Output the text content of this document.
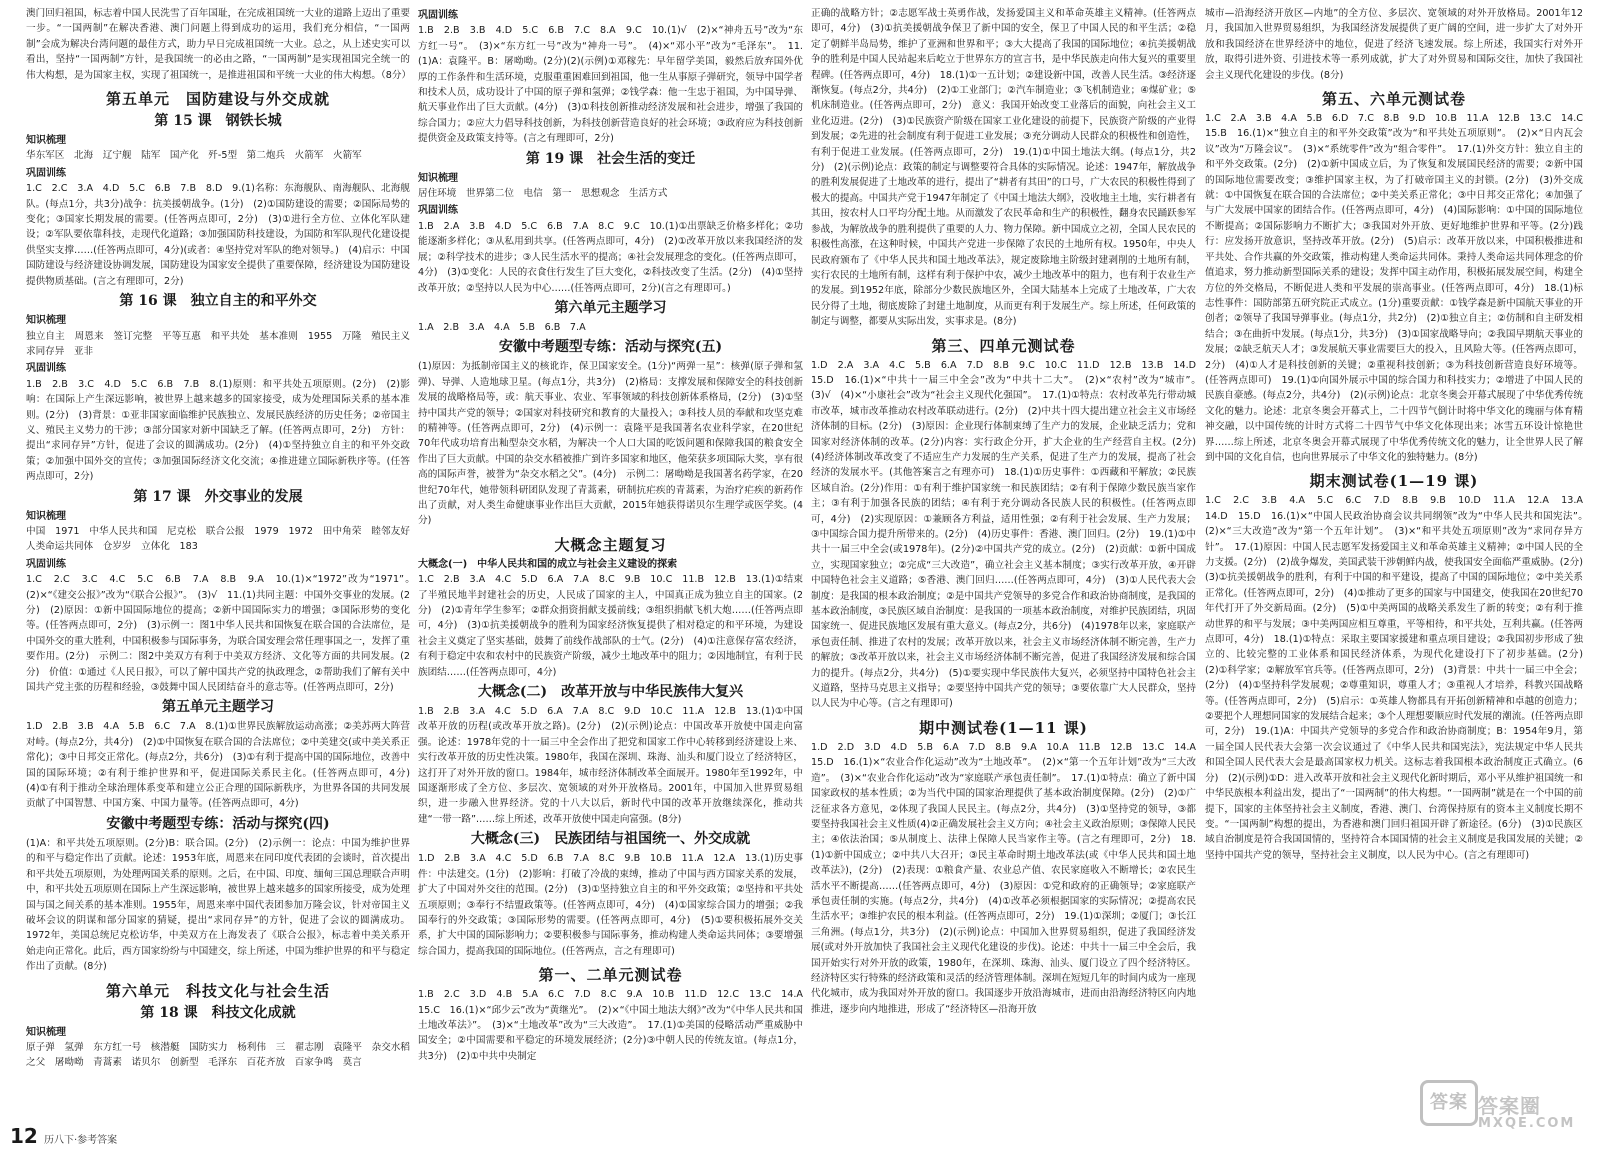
澳门回归祖国，标志着中国人民洗雪了百年国耻，在完成祖国统一大业的道路上迈出了重要一步。“一国两制”在解决香港、澳门问题上得到成功的运用，我们充分相信，“一国两制”会成为解决台湾问题的最佳方式，助力早日完成祖国统一大业。总之，从上述史实可以看出，坚持“一国两制”方针，是我国统一的必由之路，“一国两制”是实现祖国完全统一的伟大构想，是为国家主权，实现了祖国统一，是推进祖国和平统一大业的伟大构想。（8分）

第五单元　国防建设与外交成就
第 15 课　钢铁长城
知识梳理

华东军区　北海　辽宁舰　陆军　国产化　歼-5型　第二炮兵　火箭军　火箭军

巩固训练

1.C　2.C　3.A　4.D　5.C　6.B　7.B　8.D　9.(1)名称：东海舰队、南海舰队、北海舰队。(每点1分，共3分)战争：抗美援朝战争。(1分)　(2)①国防建设的需要；②国际局势的变化；③国家长期发展的需要。(任答两点即可，2分)　(3)①进行全方位、立体化军队建设；②军队要依靠科技，走现代化道路；③加强国防科技建设，为国防和军队现代化建设提供坚实支撑……(任答两点即可，4分)(或者：④坚持党对军队的绝对领导。)　(4)启示：中国国防建设与经济建设协调发展，国防建设为国家安全提供了重要保障，经济建设为国防建设提供物质基础。(言之有理即可，2分)

第 16 课　独立自主的和平外交
知识梳理

独立自主　周恩来　签订完整　平等互惠　和平共处　基本准则　1955　万隆　殖民主义　求同存异　亚非

巩固训练

1.B　2.B　3.C　4.D　5.C　6.B　7.B　8.(1)原则：和平共处五项原则。(2分)　(2)影响：在国际上产生深远影响，被世界上越来越多的国家接受，成为处理国际关系的基本准则。(2分)　(3)背景：①亚非国家面临维护民族独立、发展民族经济的历史任务；②帝国主义、殖民主义势力的干涉；③部分国家对新中国缺乏了解。(任答两点即可，2分)　方针：提出“求同存异”方针，促进了会议的圆满成功。(2分)　(4)①坚持独立自主的和平外交政策；②加强中国外交的宣传；③加强国际经济文化交流；④推进建立国际新秩序等。(任答两点即可，2分)

第 17 课　外交事业的发展
知识梳理

中国　1971　中华人民共和国　尼克松　联合公报　1979　1972　田中角荣　睦邻友好　人类命运共同体　仓岁岁　立体化　183

巩固训练

1.C　2.C　3.C　4.C　5.C　6.B　7.A　8.B　9.A　10.(1)×“1972”改为“1971”。　(2)×“《建交公报》”改为“《联合公报》”。　(3)√　11.(1)共同主题：中国外交事业的发展。(2分)　(2)原因：①新中国国际地位的提高；②新中国国际实力的增强；③国际形势的变化等。(任答两点即可，2分)　(3)示例一：图1中华人民共和国恢复在联合国的合法席位，是中国外交的重大胜利，中国积极参与国际事务，为联合国安理会常任理事国之一，发挥了重要作用。(2分)　示例二：图2中美双方有利于中美双方经济、文化等方面的共同发展。(2分)　价值：①通过《人民日报》，可以了解中国共产党的执政理念，②帮助我们了解有关中国共产党主张的历程和经验，③鼓舞中国人民团结奋斗的意志等。(任答两点即可，2分)

第五单元主题学习

1.D　2.B　3.B　4.A　5.B　6.C　7.A　8.(1)①世界民族解放运动高涨；②美苏两大阵营对峙。(每点2分，共4分)　(2)①中国恢复在联合国的合法席位；②中美建交(或中美关系正常化)；③中日邦交正常化。(每点2分，共6分)　(3)①有利于提高中国的国际地位，改善中国的国际环境；②有利于维护世界和平，促进国际关系民主化。(任答两点即可，4分)　(4)①有利于推动全球治理体系变革和建立公正合理的国际新秩序，为世界各国的共同发展贡献了中国智慧、中国方案、中国力量等。(任答两点即可，4分)

安徽中考题型专练：活动与探究(四)

(1)A：和平共处五项原则。(2分)B：联合国。(2分)　(2)示例一：论点：中国为维护世界的和平与稳定作出了贡献。论述：1953年底，周恩来在同印度代表团的会谈时，首次提出和平共处五项原则，为处理两国关系的原则。之后，在中国、印度、缅甸三国总理联合声明中，和平共处五项原则在国际上产生深远影响，被世界上越来越多的国家所接受，成为处理国与国之间关系的基本准则。1955年，周恩来率中国代表团参加万隆会议，针对帝国主义破坏会议的阴谋和部分国家的猜疑，提出“求同存异”的方针，促进了会议的圆满成功。1972年，美国总统尼克松访华，中美双方在上海发表了《联合公报》，标志着中美关系开始走向正常化。此后，西方国家纷纷与中国建交，综上所述，中国为维护世界的和平与稳定作出了贡献。(8分)

第六单元　科技文化与社会生活
第 18 课　科技文化成就
知识梳理

原子弹　氢弹　东方红一号　核潜艇　国防实力　杨利伟　三　翟志刚　袁隆平　杂交水稻之父　屠呦呦　青蒿素　诺贝尔　创新型　毛泽东　百花齐放　百家争鸣　莫言

巩固训练

1.B　2.B　3.B　4.D　5.C　6.B　7.C　8.A　9.C　10.(1)√　(2)×“神舟五号”改为“东方红一号”。　(3)×“东方红一号”改为“神舟一号”。　(4)×“邓小平”改为“毛泽东”。　11.(1)A：袁隆平。B：屠呦呦。(2分)(2)(示例)①邓稼先：早年留学美国，毅然后放弃国外优厚的工作条件和生活环境，克服重重困难回到祖国，他一生从事原子弹研究，领导中国学者和技术人员，成功设计了中国的原子弹和氢弹；②钱学森：他一生忠于祖国，为中国导弹、航天事业作出了巨大贡献。(4分)　(3)①科技创新推动经济发展和社会进步，增强了我国的综合国力；②应大力倡导科技创新，为科技创新营造良好的社会环境；③政府应为科技创新提供资金及政策支持等。(言之有理即可，2分)

第 19 课　社会生活的变迁
知识梳理

居住环境　世界第二位　电信　第一　思想观念　生活方式

巩固训练

1.B　2.A　3.B　4.D　5.C　6.B　7.A　8.C　9.C　10.(1)①出票缺乏价格多样化；②功能逐渐多样化；③从私用到共享。(任答两点即可，4分)　(2)①改革开放以来我国经济的发展；②科学技术的进步；③人民生活水平的提高；④社会发展理念的变化。(任答两点即可，4分)　(3)①变化：人民的衣食住行发生了巨大变化，②科技改变了生活。(2分)　(4)①坚持改革开放；②坚持以人民为中心……(任答两点即可，2分)(言之有理即可。)

第六单元主题学习

1.A　2.B　3.A　4.A　5.B　6.B　7.A

安徽中考题型专练：活动与探究(五)

(1)原因：为抵制帝国主义的核讹诈，保卫国家安全。(1分)“两弹一星”：核弹(原子弹和氢弹)、导弹、人造地球卫星。(每点1分，共3分)　(2)格局：支撑发展和保障安全的科技创新发展的战略格局等，或：航天事业、农业、军事领域的科技创新体系格局，(2分)　(3)①坚持中国共产党的领导；②国家对科技研究和教育的大量投入；③科技人员的奉献和攻坚克难的精神等。(任答两点即可，2分)　(4)示例一：袁隆平是我国著名农业科学家，在20世纪70年代成功培育出籼型杂交水稻，为解决一个人口大国的吃饭问题和保障我国的粮食安全作出了巨大贡献。中国的杂交水稻被推广到许多国家和地区，他荣获多项国际大奖，享有很高的国际声誉，被誉为“杂交水稻之父”。(4分)　示例二：屠呦呦是我国著名药学家，在20世纪70年代，她带领科研团队发现了青蒿素，研制抗疟疾的青蒿素，为治疗疟疾的新药作出了贡献，对人类生命健康事业作出巨大贡献，2015年她获得诺贝尔生理学或医学奖。(4分)

大概念主题复习
大概念(一)　中华人民共和国的成立与社会主义建设的探索

1.C　2.B　3.A　4.C　5.D　6.A　7.A　8.C　9.B　10.C　11.B　12.B　13.(1)①结束了半殖民地半封建社会的历史，人民成了国家的主人，中国真正成为独立自主的国家。(2分)　(2)①青年学生参军；②群众捐资捐献支援前线；③组织捐献飞机大炮……(任答两点即可，4分)　(3)①抗美援朝战争的胜利为国家经济恢复提供了相对稳定的和平环境，为建设社会主义奠定了坚实基础，鼓舞了前线作战部队的士气。(2分)　(4)①注意保存富农经济，有利于稳定中农和农村中的民族资产阶级，减少土地改革中的阻力；②因地制宜，有利于民族团结……(任答两点即可，4分)

大概念(二)　改革开放与中华民族伟大复兴

1.B　2.B　3.A　4.C　5.D　6.A　7.A　8.C　9.D　10.C　11.A　12.B　13.(1)①中国改革开放的历程(或改革开放之路)。(2分)　(2)(示例)论点：中国改革开放使中国走向富强。论述：1978年党的十一届三中全会作出了把党和国家工作中心转移到经济建设上来、实行改革开放的历史性决策。1980年，我国在深圳、珠海、汕头和厦门设立了经济特区，这打开了对外开放的窗口。1984年，城市经济体制改革全面展开。1980年至1992年，中国逐渐形成了全方位、多层次、宽领域的对外开放格局。2001年，中国加入世界贸易组织，进一步融入世界经济。党的十八大以后，新时代中国的改革开放继续深化，推动共建“一带一路”……综上所述，改革开放使中国走向富强。(8分)

大概念(三)　民族团结与祖国统一、外交成就

1.D　2.B　3.A　4.C　5.D　6.B　7.A　8.C　9.B　10.B　11.A　12.A　13.(1)历史事件：中法建交。(1分)　(2)影响：打破了冷战的束缚，推动了中国与西方国家关系的发展，扩大了中国对外交往的范围。(2分)　(3)①坚持独立自主的和平外交政策；②坚持和平共处五项原则；③奉行不结盟政策等。(任答两点即可，4分)　(4)①国家综合国力的增强；②我国奉行的外交政策；③国际形势的需要。(任答两点即可，4分)　(5)①要积极拓展外交关系，扩大中国的国际影响力；②要积极参与国际事务，推动构建人类命运共同体；③要增强综合国力，提高我国的国际地位。(任答两点，言之有理即可)

第一、二单元测试卷

1.B　2.C　3.D　4.B　5.A　6.C　7.D　8.C　9.A　10.B　11.D　12.C　13.C　14.A　15.C　16.(1)×“邱少云”改为“黄继光”。　(2)×“《中国土地法大纲》”改为“《中华人民共和国土地改革法》”。　(3)×“土地改革”改为“三大改造”。　17.(1)①美国的侵略活动严重威胁中国安全；②中国需要和平稳定的环境发展经济；(2分)③中朝人民的传统友谊。(每点1分，共3分)　(2)①中共中央制定

正确的战略方针；②志愿军战士英勇作战，发扬爱国主义和革命英雄主义精神。(任答两点即可，4分)　(3)①抗美援朝战争保卫了新中国的安全，保卫了中国人民的和平生活；②稳定了朝鲜半岛局势，维护了亚洲和世界和平；③大大提高了我国的国际地位；④抗美援朝战争的胜利是中国人民站起来后屹立于世界东方的宣言书，是中华民族走向伟大复兴的重要里程碑。(任答两点即可，4分)　18.(1)①一五计划；②建设新中国，改善人民生活。③经济逐渐恢复。(每点2分，共4分)　(2)①工业部门；②汽车制造业；③飞机制造业；④煤矿业；⑤机床制造业。(任答两点即可，2分)　意义：我国开始改变工业落后的面貌，向社会主义工业化迈进。(2分)　(3)①民族资产阶级在国家工业化建设的前提下，民族资产阶级的产业得到发展；②先进的社会制度有利于促进工业发展；③充分调动人民群众的积极性和创造性，有利于促进工业发展。(任答两点即可，2分)　19.(1)①中国土地法大纲。(每点1分，共2分)　(2)(示例)论点：政策的制定与调整要符合具体的实际情况。论述：1947年，解放战争的胜利发展促进了土地改革的进行，提出了“耕者有其田”的口号，广大农民的积极性得到了极大的提高。中国共产党于1947年制定了《中国土地法大纲》，没收地主土地，实行耕者有其田，按农村人口平均分配土地。从而激发了农民革命和生产的积极性，翻身农民踊跃参军参战，为解放战争的胜利提供了重要的人力、物力保障。新中国成立之初，全国人民农民的积极性高涨，在这种时候，中国共产党进一步保障了农民的土地所有权。1950年，中央人民政府颁布了《中华人民共和国土地改革法》，规定废除地主阶级封建剥削的土地所有制，实行农民的土地所有制，这样有利于保护中农，减少土地改革中的阻力，也有利于农业生产的发展。到1952年底，除部分少数民族地区外，全国大陆基本上完成了土地改革，广大农民分得了土地，彻底废除了封建土地制度，从而更有利于发展生产。综上所述，任何政策的制定与调整，都要从实际出发，实事求是。(8分)

第三、四单元测试卷

1.D　2.A　3.A　4.C　5.B　6.A　7.D　8.B　9.C　10.C　11.D　12.B　13.B　14.D　15.D　16.(1)×“中共十一届三中全会”改为“中共十二大”。　(2)×“农村”改为“城市”。　(3)√　(4)×“小康社会”改为“社会主义现代化强国”。　17.(1)①特点：农村改革先行带动城市改革，城市改革推动农村改革联动进行。(2分)　(2)中共十四大提出建立社会主义市场经济体制的目标。(2分)　(3)原因：企业现行体制束缚了生产力的发展，企业缺乏活力；党和国家对经济体制的改革。(2分)内容：实行政企分开，扩大企业的生产经营自主权。(2分)　(4)经济体制改革改变了不适应生产力发展的生产关系，促进了生产力的发展，提高了社会经济的发展水平。(其他答案言之有理亦可)　18.(1)①历史事件：①西藏和平解放；②民族区域自治。(2分)作用：①有利于维护国家统一和民族团结；②有利于保障少数民族当家作主；③有利于加强各民族的团结；④有利于充分调动各民族人民的积极性。(任答两点即可，4分)　(2)实现原因：①兼顾各方利益，适用性强；②有利于社会发展、生产力发展；③中国综合国力提升所带来的。(2分)　(4)历史事件：香港、澳门回归。(2分)　19.(1)①中共十一届三中全会(或1978年)。(2分)②中国共产党的成立。(2分)　(2)贡献：①新中国成立，实现国家独立；②完成“三大改造”，确立社会主义基本制度；③实行改革开放，④开辟中国特色社会主义道路；⑤香港、澳门回归……(任答两点即可，4分)　(3)①人民代表大会制度：是我国的根本政治制度；②是中国共产党领导的多党合作和政治协商制度，是我国的基本政治制度，③民族区域自治制度：是我国的一项基本政治制度，对维护民族团结，巩固国家统一、促进民族地区发展有重大意义。(每点2分，共6分)　(4)1978年以来，家庭联产承包责任制、推进了农村的发展；改革开放以来，社会主义市场经济体制不断完善，生产力的解放；③改革开放以来，社会主义市场经济体制不断完善，促进了我国经济发展和综合国力的提升。(每点2分，共4分)　(5)①要实现中华民族伟大复兴，必须坚持中国特色社会主义道路，坚持马克思主义指导；②要坚持中国共产党的领导；③要依靠广大人民群众，坚持以人民为中心等。(言之有理即可)

期中测试卷(1—11 课)

1.D　2.D　3.D　4.D　5.B　6.A　7.D　8.B　9.A　10.A　11.B　12.B　13.C　14.A　15.D　16.(1)×“农业合作化运动”改为“土地改革”。　(2)×“第一个五年计划”改为“三大改造”。　(3)×“农业合作化运动”改为“家庭联产承包责任制”。　17.(1)①特点：确立了新中国国家政权的基本性质；②为当代中国的国家治理提供了基本政治制度保障。(2分)　(2)①广泛征求各方意见，②体现了我国人民民主。(每点2分，共4分)　(3)①坚持党的领导，③都要坚持我国社会主义性质(4)②正确发展社会主义方向；④社会主义政治原则；③保障人民民主；④依法治国；⑤从制度上、法律上保障人民当家作主等。(言之有理即可，2分)　18.(1)①新中国成立；②中共八大召开；③民主革命时期土地改革法(或《中华人民共和国土地改革法》)，(2分)　(2)表现：①粮食产量、农业总产值、农民家庭收入不断增长；②农民生活水平不断提高……(任答两点即可，4分)　(3)原因：①党和政府的正确领导；②家庭联产承包责任制的实施。(每点2分，共4分)　(4)①改革必须根据国家的实际情况；②提高农民生活水平；③维护农民的根本利益。(任答两点即可，2分)　19.(1)①深圳；②厦门；③长江三角洲。(每点1分，共3分)　(2)(示例)论点：中国加入世界贸易组织，促进了我国经济发展(或对外开放加快了我国社会主义现代化建设的步伐)。论述：中共十一届三中全会后，我国开始实行对外开放的政策，1980年，在深圳、珠海、汕头、厦门设立了四个经济特区。经济特区实行特殊的经济政策和灵活的经济管理体制。深圳在短短几年的时间内成为一座现代化城市，成为我国对外开放的窗口。我国逐步开放沿海城市，进而由沿海经济特区向内地推进，逐步向内地推进，形成了“经济特区—沿海开放

城市—沿海经济开放区—内地”的全方位、多层次、宽领域的对外开放格局。2001年12月，我国加入世界贸易组织，为我国经济发展提供了更广阔的空间，进一步扩大了对外开放和我国经济在世界经济中的地位，促进了经济飞速发展。综上所述，我国实行对外开放，取得引进外资、引进技术等一系列成就，扩大了对外贸易和国际交往，加快了我国社会主义现代化建设的步伐。(8分)

第五、六单元测试卷

1.C　2.A　3.B　4.A　5.B　6.D　7.C　8.B　9.D　10.B　11.A　12.B　13.C　14.C　15.B　16.(1)×“独立自主的和平外交政策”改为“和平共处五项原则”。　(2)×“日内瓦会议”改为“万隆会议”。　(3)×“系统零件”改为“组合零件”。　17.(1)外交方针：独立自主的和平外交政策。(2分)　(2)①新中国成立后，为了恢复和发展国民经济的需要；②新中国的国际地位需要改变；③维护国家主权，为了打破帝国主义的封锁。(2分)　(3)外交成就：①中国恢复在联合国的合法席位；②中美关系正常化；③中日邦交正常化；④加强了与广大发展中国家的团结合作。(任答两点即可，4分)　(4)国际影响：①中国的国际地位不断提高；②国际影响力不断扩大；③我国对外开放、更好地维护世界和平等。(2分)践行：应发扬开放意识，坚持改革开放。(2分)　(5)启示：改革开放以来，中国积极推进和平共处、合作共赢的外交政策，推动构建人类命运共同体。秉持人类命运共同体理念的价值追求，努力推动新型国际关系的建设；发挥中国主动作用，积极拓展发展空间，构建全方位的外交格局，不断促进人类和平发展的崇高事业。(任答两点即可，4分)　18.(1)标志性事件：国防部第五研究院正式成立。(1分)重要贡献：①钱学森是新中国航天事业的开创者；②领导了我国导弹事业。(每点1分，共2分)　(2)①独立自主；②仿制和自主研发相结合；③在曲折中发展。(每点1分，共3分)　(3)①国家战略导向；②我国早期航天事业的发展；②缺乏航天人才；③发展航天事业需要巨大的投入，且风险大等。(任答两点即可，2分)　(4)①人才是科技创新的关键；②重视科技创新；③为科技创新营造良好环境等。(任答两点即可)　19.(1)①向国外展示中国的综合国力和科技实力；②增进了中国人民的民族自豪感。(每点2分，共4分)　(2)(示例)论点：北京冬奥会开幕式展现了中华优秀传统文化的魅力。论述：北京冬奥会开幕式上，二十四节气倒计时将中华文化的瑰丽与体育精神交融，以中国传统的计时方式将二十四节气中华文化体现出来；冰雪五环设计惊艳世界……综上所述，北京冬奥会开幕式展现了中华优秀传统文化的魅力，让全世界人民了解到中国的文化自信，也向世界展示了中华文化的独特魅力。(8分)

期末测试卷(1—19 课)

1.C　2.C　3.B　4.A　5.C　6.C　7.D　8.B　9.B　10.D　11.A　12.A　13.A　14.D　15.D　16.(1)×“中国人民政治协商会议共同纲领”改为“中华人民共和国宪法”。　(2)×“三大改造”改为“第一个五年计划”。　(3)×“和平共处五项原则”改为“求同存异方针”。　17.(1)原因：中国人民志愿军发扬爱国主义和革命英雄主义精神；②中国人民的全力支援。(2分)　(2)战争爆发，美国武装干涉朝鲜内战，使我国安全面临严重威胁。(2分)　(3)①抗美援朝战争的胜利，有利于中国的和平建设，提高了中国的国际地位；②中美关系正常化。(任答两点即可，2分)　(4)①推动了更多的国家与中国建交，使我国在20世纪70年代打开了外交新局面。(2分)　(5)①中美两国的战略关系发生了新的转变；②有利于推动世界的和平与发展；③中美两国应相互尊重，平等相待，和平共处，互利共赢。(任答两点即可，4分)　18.(1)①特点：采取主要国家援建和重点项目建设；②我国初步形成了独立的、比较完整的工业体系和国民经济体系，为现代化建设打下了初步基础。(2分)　(2)①科学家；②解放军官兵等。(任答两点即可，2分)　(3)背景：中共十一届三中全会；(2分)　(4)①坚持科学发展观；②尊重知识，尊重人才；③重视人才培养，科教兴国战略等。(任答两点即可，2分)　(5)启示：①英雄人物都具有开拓创新精神和卓越的创造力；②要把个人理想同国家的发展结合起来；③个人理想要顺应时代发展的潮流。(任答两点即可，2分)　19.(1)A：中国共产党领导的多党合作和政治协商制度；B：1954年9月，第一届全国人民代表大会第一次会议通过了《中华人民共和国宪法》，宪法规定中华人民共和国全国人民代表大会是最高国家权力机关。这标志着我国根本政治制度正式确立。(6分)　(2)(示例)①D：进入改革开放和社会主义现代化新时期后，邓小平从维护祖国统一和中华民族根本利益出发，提出了“一国两制”的伟大构想。“一国两制”就是在一个中国的前提下，国家的主体坚持社会主义制度，香港、澳门、台湾保持原有的资本主义制度长期不变。“一国两制”构想的提出，为香港和澳门回归祖国开辟了新途径。(6分)　(3)①民族区域自治制度是符合我国国情的，坚持符合本国国情的社会主义制度是我国发展的关键；②坚持中国共产党的领导，坚持社会主义制度，以人民为中心。(言之有理即可)

12 历八下·参考答案
答案 答案圈
MXQE.COM
